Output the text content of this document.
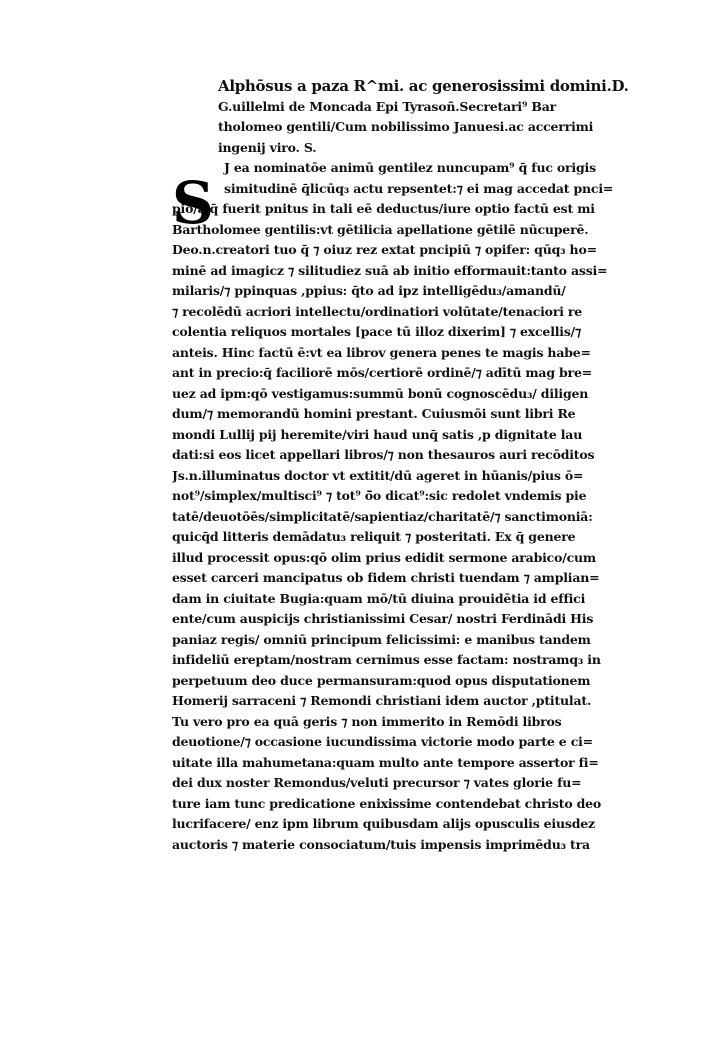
Alphōsus a paza R^mi. ac generosissimi domini.D.
G.uillelmi de Moncada Epi Tyrasoñ.Secretari⁹ Bar
tholomeo gentili/Cum nobilissimo Januesi.ac accerrimi
ingenij viro. S.
S
J ea nominatōe animū gentilez nuncupam⁹ q̄ fuc origis
simitudinē q̄licūq₃ actu repsentet:⁊ ei mag accedat pnci=
pio/a q̄ fuerit pnitus in tali eē deductus/iure optio factū est mi
Bartholomee gentilis:vt gētilicia apellatione gētilē nūcuperē.
Deo.n.creatori tuo q̄ ⁊ oiuz rez extat pncipiū ⁊ opifer: qūq₃ ho=
minē ad imagicz ⁊ silitudiez suā ab initio efformauit:tanto assi=
milaris/⁊ ppinquas ,ppius: q̄to ad ipz intelligēdu₃/amandū/
⁊ recolēdū acriori intellectu/ordinatiori volūtate/tenaciori re
colentia reliquos mortales [pace tū illoz dixerim] ⁊ excellis/⁊
anteis. Hinc factū ē:vt ea librov genera penes te magis habe=
ant in precio:q̄ faciliorē mōs/certiorē ordinē/⁊ adītū mag bre=
uez ad ipm:qō vestigamus:summū bonū cognoscēdu₃/ diligen
dum/⁊ memorandū homini prestant. Cuiusmōi sunt libri Re
mondi Lullij pij heremite/viri haud unq̄ satis ,p dignitate lau
dati:si eos licet appellari libros/⁊ non thesauros auri recōditos
Js.n.illuminatus doctor vt extitit/dū ageret in hūanis/pius ō=
not⁹/simplex/multisci⁹ ⁊ tot⁹ ō̄o dicat⁹:sic redolet vndemis pie
tatē/deuotōēs/simplicitatē/sapientiaz/charitatē/⁊ sanctimoniā:
quicq̄d litteris demādatu₃ reliquit ⁊ posteritati. Ex q̄ genere
illud processit opus:qō olim prius edidit sermone arabico/cum
esset carceri mancipatus ob fidem christi tuendam ⁊ amplian=
dam in ciuitate Bugia:quam mō/tū diuina prouidētia id effici
ente/cum auspicijs christianissimi Cesar/ nostri Ferdinādi His
paniaz regis/ omniū principum felicissimi: e manibus tandem
infideliū ereptam/nostram cernimus esse factam: nostramq₃ in
perpetuum deo duce permansuram:quod opus disputationem
Homerij sarraceni ⁊ Remondi christiani idem auctor ,ptitulat.
Tu vero pro ea quā geris ⁊ non immerito in Remōdi libros
deuotione/⁊ occasione iucundissima victorie modo parte e ci=
uitate illa mahumetana:quam multo ante tempore assertor fi=
dei dux noster Remondus/veluti precursor ⁊ vates glorie fu=
ture iam tunc predicatione enixissime contendebat christo deo
lucrifacere/ enz ipm librum quibusdam alijs opusculis eiusdez
auctoris ⁊ materie consociatum/tuis impensis imprimēdu₃ tra
